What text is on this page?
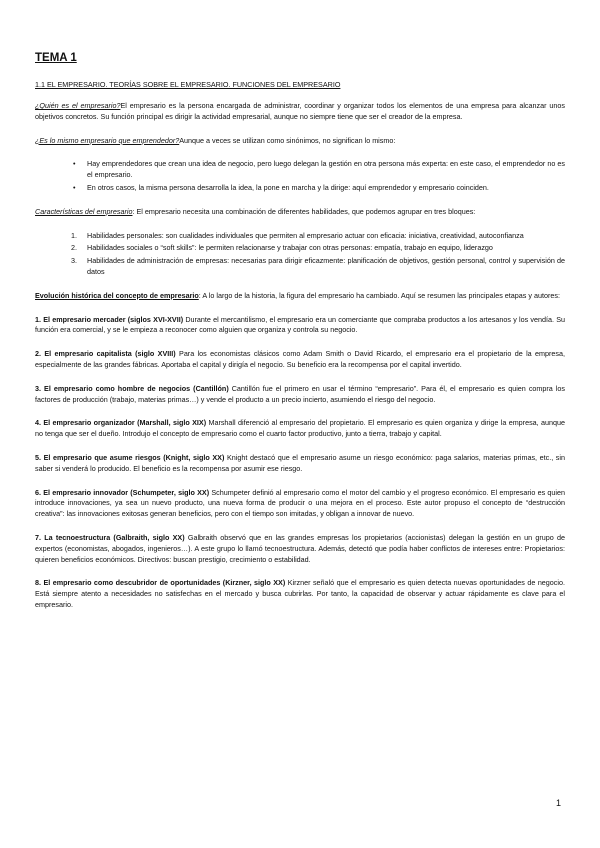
TEMA 1
1.1 EL EMPRESARIO. TEORÍAS SOBRE EL EMPRESARIO. FUNCIONES DEL EMPRESARIO

¿Quién es el empresario?El empresario es la persona encargada de administrar, coordinar y organizar todos los elementos de una empresa para alcanzar unos objetivos concretos. Su función principal es dirigir la actividad empresarial, aunque no siempre tiene que ser el creador de la empresa.

¿Es lo mismo empresario que emprendedor?Aunque a veces se utilizan como sinónimos, no significan lo mismo:

• Hay emprendedores que crean una idea de negocio, pero luego delegan la gestión en otra persona más experta: en este caso, el emprendedor no es el empresario.
• En otros casos, la misma persona desarrolla la idea, la pone en marcha y la dirige: aquí emprendedor y empresario coinciden.

Características del empresario: El empresario necesita una combinación de diferentes habilidades, que podemos agrupar en tres bloques:

1. Habilidades personales: son cualidades individuales que permiten al empresario actuar con eficacia: iniciativa, creatividad, autoconfianza
2. Habilidades sociales o “soft skills”: le permiten relacionarse y trabajar con otras personas: empatía, trabajo en equipo, liderazgo
3. Habilidades de administración de empresas: necesarias para dirigir eficazmente: planificación de objetivos, gestión personal, control y supervisión de datos

Evolución histórica del concepto de empresario: A lo largo de la historia, la figura del empresario ha cambiado. Aquí se resumen las principales etapas y autores:

1. El empresario mercader (siglos XVI-XVII) Durante el mercantilismo, el empresario era un comerciante que compraba productos a los artesanos y los vendía. Su función era comercial, y se le empieza a reconocer como alguien que organiza y controla su negocio.

2. El empresario capitalista (siglo XVIII) Para los economistas clásicos como Adam Smith o David Ricardo, el empresario era el propietario de la empresa, especialmente de las grandes fábricas. Aportaba el capital y dirigía el negocio. Su beneficio era la recompensa por el capital invertido.

3. El empresario como hombre de negocios (Cantillón) Cantillón fue el primero en usar el término “empresario”. Para él, el empresario es quien compra los factores de producción (trabajo, materias primas…) y vende el producto a un precio incierto, asumiendo el riesgo del negocio.

4. El empresario organizador (Marshall, siglo XIX) Marshall diferenció al empresario del propietario. El empresario es quien organiza y dirige la empresa, aunque no tenga que ser el dueño. Introdujo el concepto de empresario como el cuarto factor productivo, junto a tierra, trabajo y capital.

5. El empresario que asume riesgos (Knight, siglo XX) Knight destacó que el empresario asume un riesgo económico: paga salarios, materias primas, etc., sin saber si venderá lo producido. El beneficio es la recompensa por asumir ese riesgo.

6. El empresario innovador (Schumpeter, siglo XX) Schumpeter definió al empresario como el motor del cambio y el progreso económico. El empresario es quien introduce innovaciones, ya sea un nuevo producto, una nueva forma de producir o una mejora en el proceso. Este autor propuso el concepto de “destrucción creativa”: las innovaciones exitosas generan beneficios, pero con el tiempo son imitadas, y obligan a innovar de nuevo.

7. La tecnoestructura (Galbraith, siglo XX) Galbraith observó que en las grandes empresas los propietarios (accionistas) delegan la gestión en un grupo de expertos (economistas, abogados, ingenieros…). A este grupo lo llamó tecnoestructura. Además, detectó que podía haber conflictos de intereses entre: Propietarios: quieren beneficios económicos. Directivos: buscan prestigio, crecimiento o estabilidad.

8. El empresario como descubridor de oportunidades (Kirzner, siglo XX) Kirzner señaló que el empresario es quien detecta nuevas oportunidades de negocio. Está siempre atento a necesidades no satisfechas en el mercado y busca cubrirlas. Por tanto, la capacidad de observar y actuar rápidamente es clave para el empresario.

1
